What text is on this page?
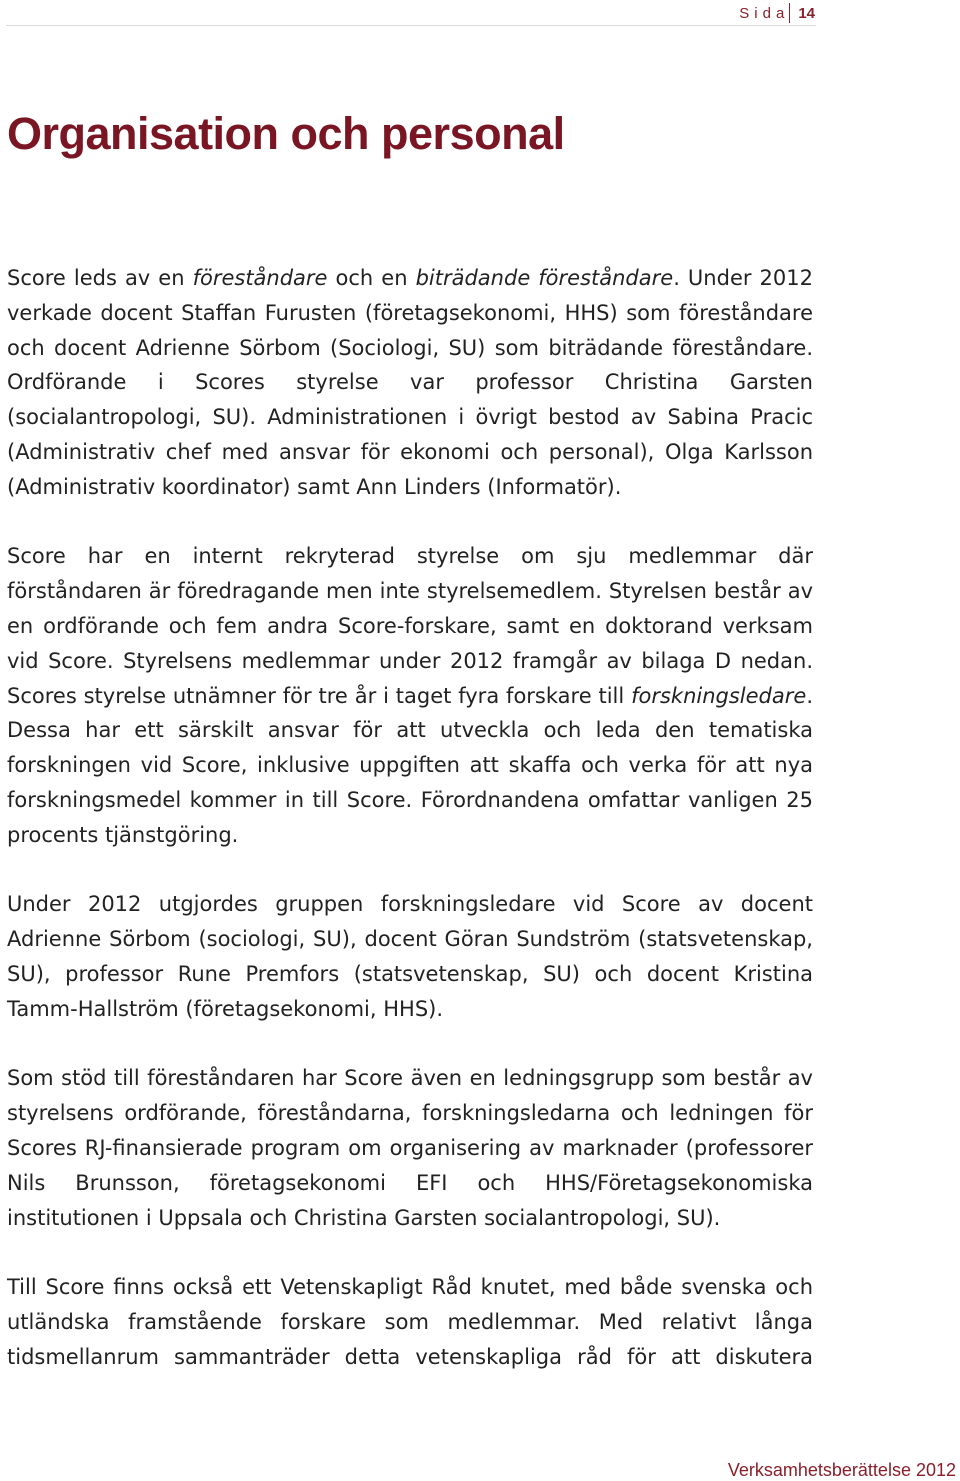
Sida 14
Organisation och personal

Score leds av en föreståndare och en biträdande föreståndare. Under 2012 verkade docent Staffan Furusten (företagsekonomi, HHS) som föreståndare och docent Adrienne Sörbom (Sociologi, SU) som biträdande föreståndare. Ordförande i Scores styrelse var professor Christina Garsten (socialantropologi, SU). Administrationen i övrigt bestod av Sabina Pracic (Administrativ chef med ansvar för ekonomi och personal), Olga Karlsson (Administrativ koordinator) samt Ann Linders (Informatör).

Score har en internt rekryterad styrelse om sju medlemmar där förståndaren är föredragande men inte styrelsemedlem. Styrelsen består av en ordförande och fem andra Score-forskare, samt en doktorand verksam vid Score. Styrelsens medlemmar under 2012 framgår av bilaga D nedan. Scores styrelse utnämner för tre år i taget fyra forskare till forskningsledare. Dessa har ett särskilt ansvar för att utveckla och leda den tematiska forskningen vid Score, inklusive uppgiften att skaffa och verka för att nya forskningsmedel kommer in till Score. Förordnandena omfattar vanligen 25 procents tjänstgöring.

Under 2012 utgjordes gruppen forskningsledare vid Score av docent Adrienne Sörbom (sociologi, SU), docent Göran Sundström (statsvetenskap, SU), professor Rune Premfors (statsvetenskap, SU) och docent Kristina Tamm-Hallström (företagsekonomi, HHS).

Som stöd till föreståndaren har Score även en ledningsgrupp som består av styrelsens ordförande, föreståndarna, forskningsledarna och ledningen för Scores RJ-finansierade program om organisering av marknader (professorer Nils Brunsson, företagsekonomi EFI och HHS/Företagsekonomiska institutionen i Uppsala och Christina Garsten socialantropologi, SU).

Till Score finns också ett Vetenskapligt Råd knutet, med både svenska och utländska framstående forskare som medlemmar. Med relativt långa tidsmellanrum sammanträder detta vetenskapliga råd för att diskutera

Verksamhetsberättelse 2012
